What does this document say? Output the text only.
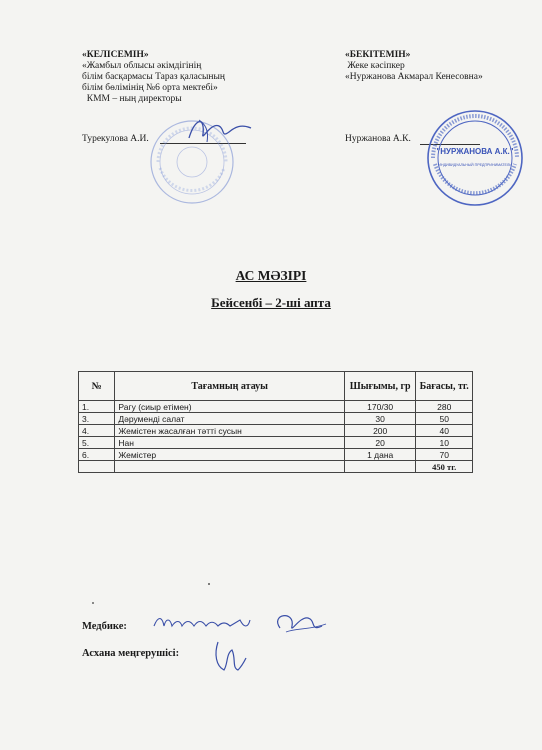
«КЕЛІСЕМІН»
«Жамбыл облысы әкімдігінің
білім басқармасы Тараз қаласының
білім бөлімінің №6 орта мектебі»
КММ – ның директоры
Турекулова А.И.
«БЕКІТЕМІН»
Жеке кәсіпкер
«Нуржанова Акмарал Кенесовна»
Нуржанова А.К.
"НУРЖАНОВА А.К."
ИНДИВИДУАЛЬНЫЙ ПРЕДПРИНИМАТЕЛЬ
АС МӘЗІРІ
Бейсенбі – 2-ші апта
№	Тағамның атауы	Шығымы, гр	Бағасы, тг.
1.	Рагу (сиыр етімен)	170/30	280
3.	Дәрумендi салат	30	50
4.	Жемістен жасалған тәтті сусын	200	40
5.	Нан	20	10
6.	Жемістер	1 дана	70
			450 тг.
Медбике:
Асхана меңгерушісі:
